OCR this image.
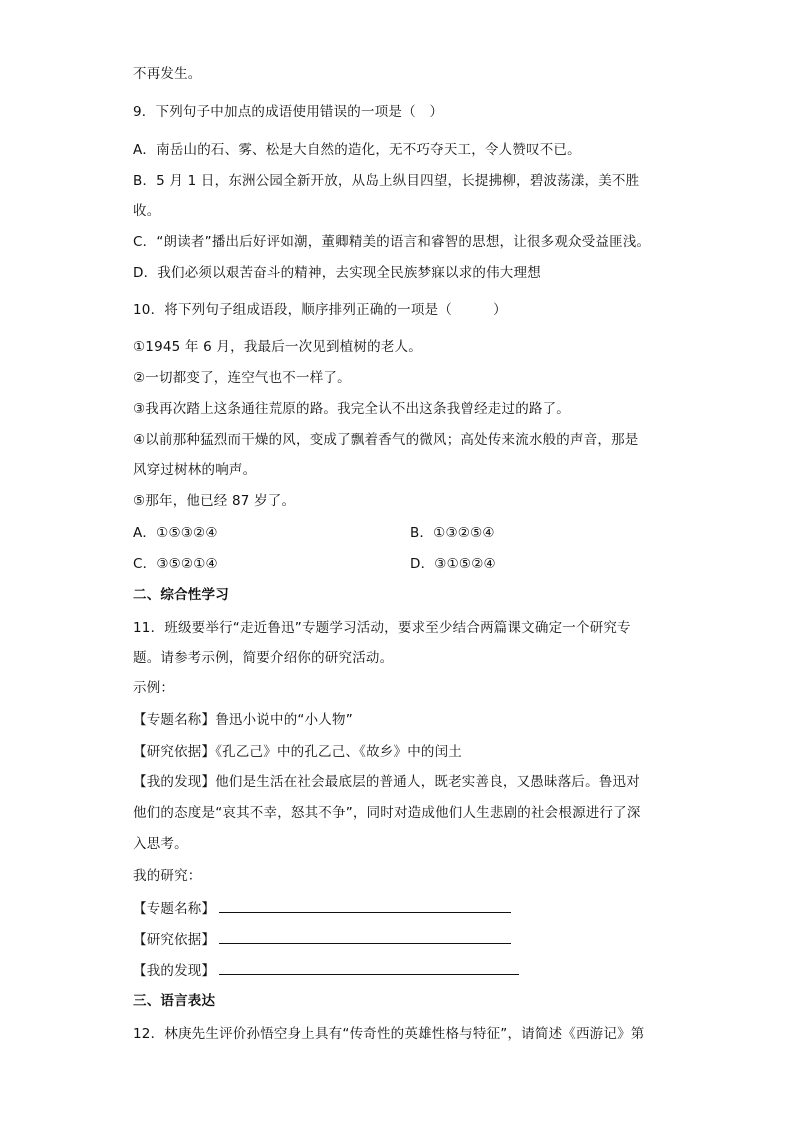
不再发生。
9．下列句子中加点的成语使用错误的一项是（　）
A．南岳山的石、雾、松是大自然的造化，无不巧夺天工，令人赞叹不已。
B．5 月 1 日，东洲公园全新开放，从岛上纵目四望，长提拂柳，碧波荡漾，美不胜
收。
C．“朗读者”播出后好评如潮，董卿精美的语言和睿智的思想，让很多观众受益匪浅。
D．我们必须以艰苦奋斗的精神，去实现全民族梦寐以求的伟大理想
10．将下列句子组成语段，顺序排列正确的一项是（　　　）
①1945 年 6 月，我最后一次见到植树的老人。
②一切都变了，连空气也不一样了。
③我再次踏上这条通往荒原的路。我完全认不出这条我曾经走过的路了。
④以前那种猛烈而干燥的风，变成了飘着香气的微风；高处传来流水般的声音，那是
风穿过树林的响声。
⑤那年，他已经 87 岁了。
A．①⑤③②④	B．①③②⑤④
C．③⑤②①④	D．③①⑤②④
二、综合性学习
11．班级要举行“走近鲁迅”专题学习活动，要求至少结合两篇课文确定一个研究专
题。请参考示例，简要介绍你的研究活动。
示例：
【专题名称】鲁迅小说中的“小人物”
【研究依据】《孔乙己》中的孔乙己、《故乡》中的闰土
【我的发现】他们是生活在社会最底层的普通人，既老实善良，又愚昧落后。鲁迅对
他们的态度是“哀其不幸，怒其不争”，同时对造成他们人生悲剧的社会根源进行了深
入思考。
我的研究：
【专题名称】
【研究依据】
【我的发现】
三、语言表达
12．林庚先生评价孙悟空身上具有“传奇性的英雄性格与特征”，请简述《西游记》第
